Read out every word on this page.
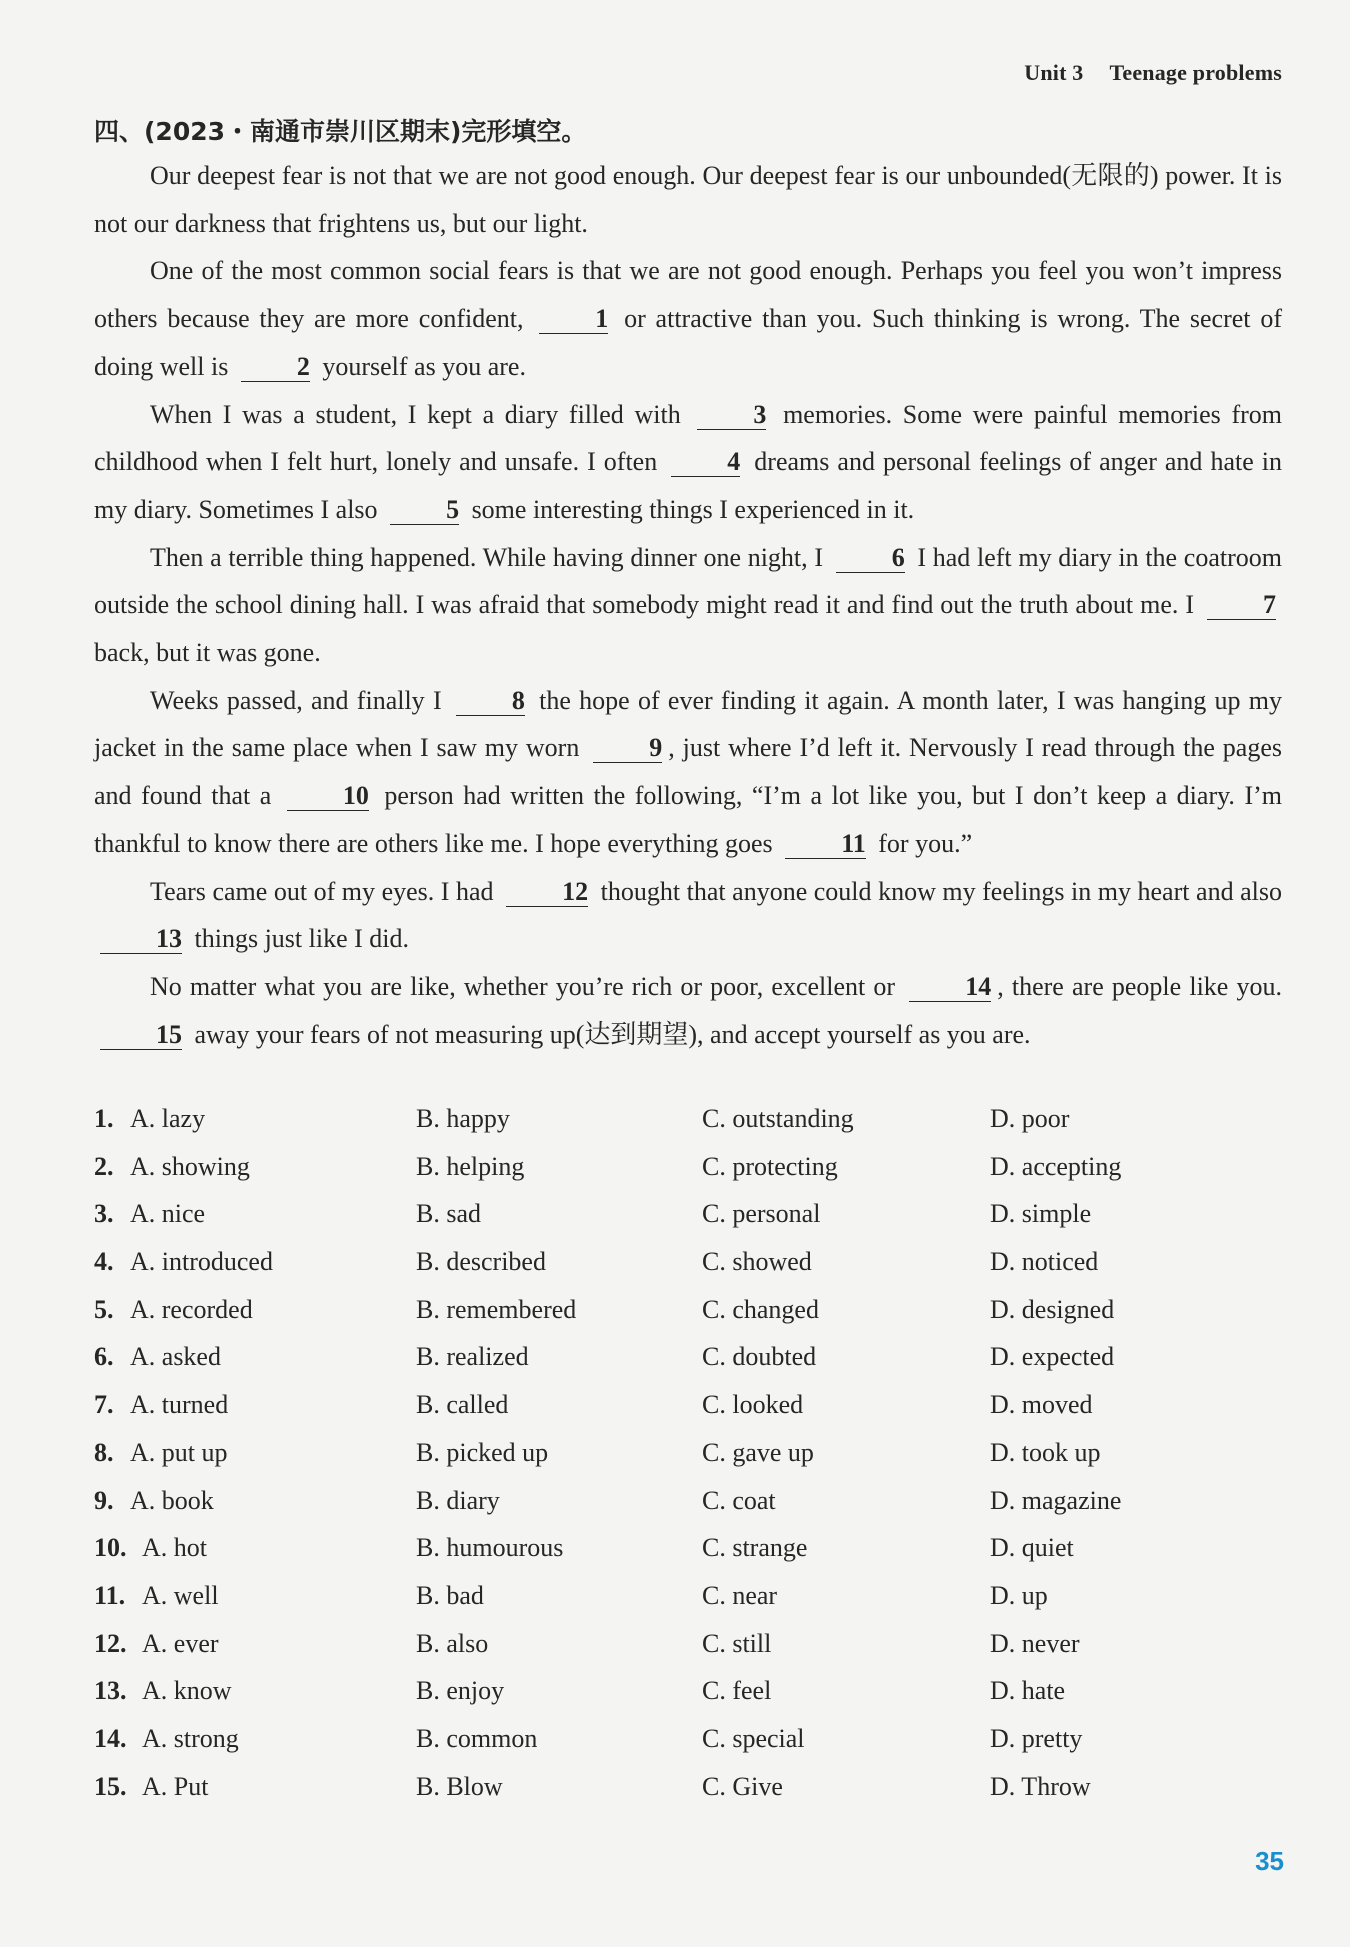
Unit 3 Teenage problems
四、(2023・南通市崇川区期末)完形填空。

Our deepest fear is not that we are not good enough. Our deepest fear is our unbounded(无限的) power. It is not our darkness that frightens us, but our light.

One of the most common social fears is that we are not good enough. Perhaps you feel you won’t impress others because they are more confident, 1 or attractive than you. Such thinking is wrong. The secret of doing well is 2 yourself as you are.

When I was a student, I kept a diary filled with 3 memories. Some were painful memories from childhood when I felt hurt, lonely and unsafe. I often 4 dreams and personal feelings of anger and hate in my diary. Sometimes I also 5 some interesting things I experienced in it.

Then a terrible thing happened. While having dinner one night, I 6 I had left my diary in the coatroom outside the school dining hall. I was afraid that somebody might read it and find out the truth about me. I 7 back, but it was gone.

Weeks passed, and finally I 8 the hope of ever finding it again. A month later, I was hanging up my jacket in the same place when I saw my worn 9 , just where I’d left it. Nervously I read through the pages and found that a 10 person had written the following, “I’m a lot like you, but I don’t keep a diary. I’m thankful to know there are others like me. I hope everything goes 11 for you.”

Tears came out of my eyes. I had 12 thought that anyone could know my feelings in my heart and also 13 things just like I did.

No matter what you are like, whether you’re rich or poor, excellent or 14 , there are people like you. 15 away your fears of not measuring up(达到期望), and accept yourself as you are.

1. A. lazy	B. happy	C. outstanding	D. poor
2. A. showing	B. helping	C. protecting	D. accepting
3. A. nice	B. sad	C. personal	D. simple
4. A. introduced	B. described	C. showed	D. noticed
5. A. recorded	B. remembered	C. changed	D. designed
6. A. asked	B. realized	C. doubted	D. expected
7. A. turned	B. called	C. looked	D. moved
8. A. put up	B. picked up	C. gave up	D. took up
9. A. book	B. diary	C. coat	D. magazine
10. A. hot	B. humourous	C. strange	D. quiet
11. A. well	B. bad	C. near	D. up
12. A. ever	B. also	C. still	D. never
13. A. know	B. enjoy	C. feel	D. hate
14. A. strong	B. common	C. special	D. pretty
15. A. Put	B. Blow	C. Give	D. Throw
35
